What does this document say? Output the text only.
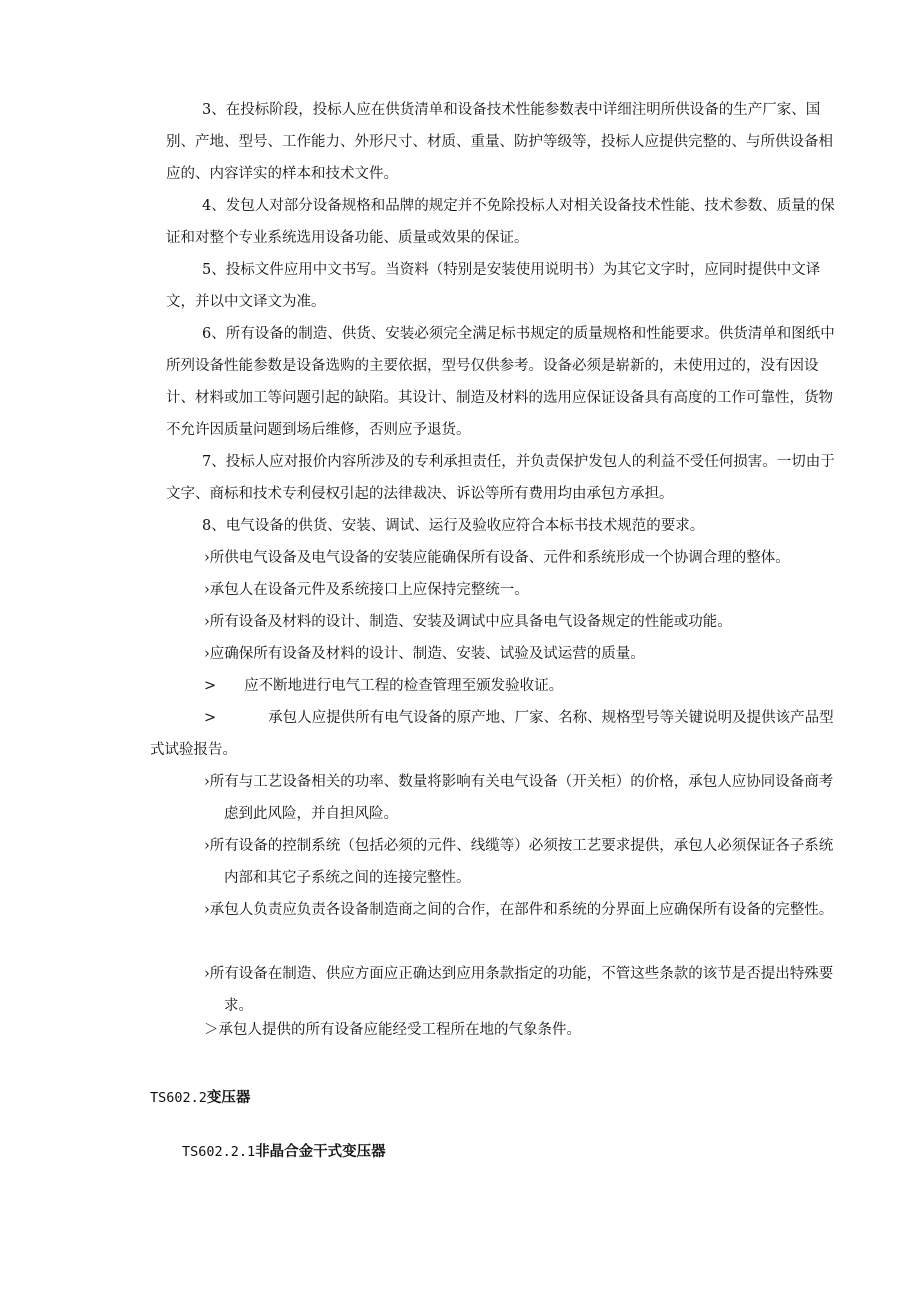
3、在投标阶段，投标人应在供货清单和设备技术性能参数表中详细注明所供设备的生产厂家、国别、产地、型号、工作能力、外形尺寸、材质、重量、防护等级等，投标人应提供完整的、与所供设备相应的、内容详实的样本和技术文件。

4、发包人对部分设备规格和品牌的规定并不免除投标人对相关设备技术性能、技术参数、质量的保证和对整个专业系统选用设备功能、质量或效果的保证。

5、投标文件应用中文书写。当资料（特别是安装使用说明书）为其它文字时，应同时提供中文译文，并以中文译文为准。

6、所有设备的制造、供货、安装必须完全满足标书规定的质量规格和性能要求。供货清单和图纸中所列设备性能参数是设备选购的主要依据，型号仅供参考。设备必须是崭新的，未使用过的，没有因设计、材料或加工等问题引起的缺陷。其设计、制造及材料的选用应保证设备具有高度的工作可靠性，货物不允许因质量问题到场后维修，否则应予退货。

7、投标人应对报价内容所涉及的专利承担责任，并负责保护发包人的利益不受任何损害。一切由于文字、商标和技术专利侵权引起的法律裁决、诉讼等所有费用均由承包方承担。

8、电气设备的供货、安装、调试、运行及验收应符合本标书技术规范的要求。

›所供电气设备及电气设备的安装应能确保所有设备、元件和系统形成一个协调合理的整体。

›承包人在设备元件及系统接口上应保持完整统一。

›所有设备及材料的设计、制造、安装及调试中应具备电气设备规定的性能或功能。

›应确保所有设备及材料的设计、制造、安装、试验及试运营的质量。

> 应不断地进行电气工程的检查管理至颁发验收证。

>	承包人应提供所有电气设备的原产地、厂家、名称、规格型号等关键说明及提供该产品型式试验报告。

›所有与工艺设备相关的功率、数量将影响有关电气设备（开关柜）的价格，承包人应协同设备商考虑到此风险，并自担风险。

›所有设备的控制系统（包括必须的元件、线缆等）必须按工艺要求提供，承包人必须保证各子系统内部和其它子系统之间的连接完整性。

›承包人负责应负责各设备制造商之间的合作，在部件和系统的分界面上应确保所有设备的完整性。

›所有设备在制造、供应方面应正确达到应用条款指定的功能，不管这些条款的该节是否提出特殊要求。

＞承包人提供的所有设备应能经受工程所在地的气象条件。

TS602.2变压器

TS602.2.1非晶合金干式变压器
